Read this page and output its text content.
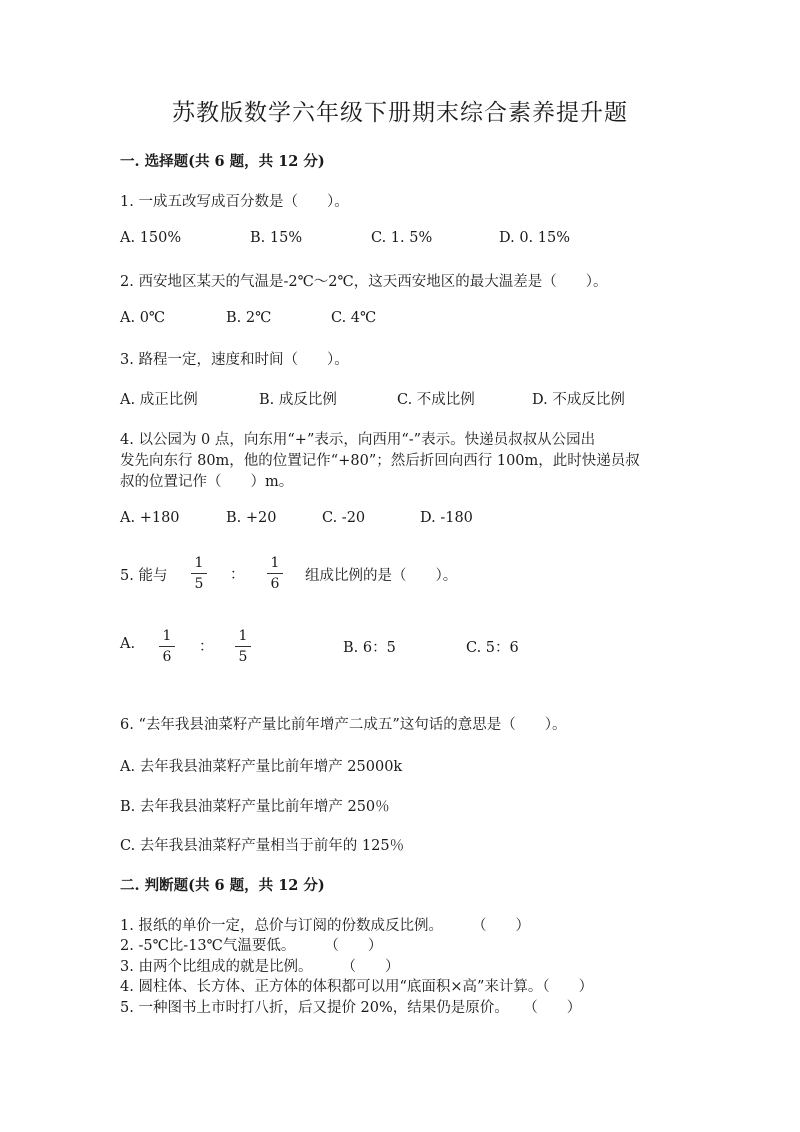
苏教版数学六年级下册期末综合素养提升题
一. 选择题(共 6 题，共 12 分)
1. 一成五改写成百分数是（　　）。
A. 150%	B. 15%	C. 1. 5%	D. 0. 15%
2. 西安地区某天的气温是-2℃～2℃，这天西安地区的最大温差是（　　）。
A. 0℃	B. 2℃	C. 4℃
3. 路程一定，速度和时间（　　）。
A. 成正比例	B. 成反比例	C. 不成比例	D. 不成反比例
4. 以公园为 0 点，向东用“+”表示，向西用“-”表示。快递员叔叔从公园出
发先向东行 80m，他的位置记作“+80”；然后折回向西行 100m，此时快递员叔
叔的位置记作（　　）m。
A. +180	B. +20	C. -20	D. -180
5. 能与
1
5
：
1
6 组成比例的是（　　）。
A. 1
6
：
1
5
B. 6：5	C. 5：6
6. “去年我县油菜籽产量比前年增产二成五”这句话的意思是（　　）。
A. 去年我县油菜籽产量比前年增产 25000k
B. 去年我县油菜籽产量比前年增产 250％
C. 去年我县油菜籽产量相当于前年的 125％
二. 判断题(共 6 题，共 12 分)
1. 报纸的单价一定，总价与订阅的份数成反比例。　　　（　　）
2. -5℃比-13℃气温要低。　　　（　　）
3. 由两个比组成的就是比例。　　　（　　）
4. 圆柱体、长方体、正方体的体积都可以用“底面积×高”来计算。（　　）
5. 一种图书上市时打八折，后又提价 20%，结果仍是原价。　　（　　）
